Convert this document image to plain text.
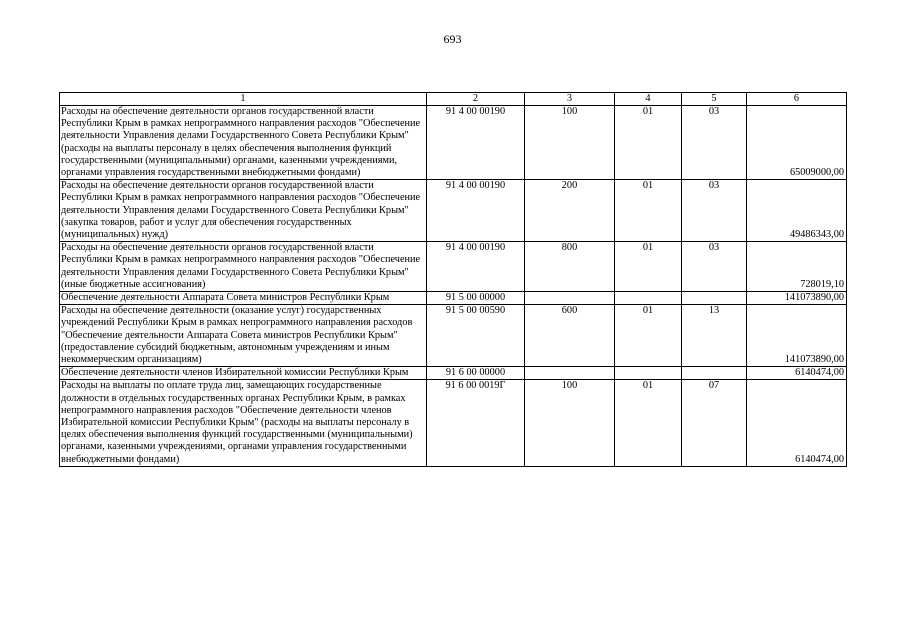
693
1	2	3	4	5	6
Расходы на обеспечение деятельности органов государственной власти Республики Крым в рамках непрограммного направления расходов "Обеспечение деятельности Управления делами Государственного Совета Республики Крым" (расходы на выплаты персоналу в целях обеспечения выполнения функций государственными (муниципальными) органами, казенными учреждениями, органами управления государственными внебюджетными фондами)	91 4 00 00190	100	01	03	65009000,00
Расходы на обеспечение деятельности органов государственной власти Республики Крым в рамках непрограммного направления расходов "Обеспечение деятельности Управления делами Государственного Совета Республики Крым" (закупка товаров, работ и услуг для обеспечения государственных (муниципальных) нужд)	91 4 00 00190	200	01	03	49486343,00
Расходы на обеспечение деятельности органов государственной власти Республики Крым в рамках непрограммного направления расходов "Обеспечение деятельности Управления делами Государственного Совета Республики Крым" (иные бюджетные ассигнования)	91 4 00 00190	800	01	03	728019,10
Обеспечение деятельности Аппарата Совета министров Республики Крым	91 5 00 00000				141073890,00
Расходы на обеспечение деятельности (оказание услуг) государственных учреждений Республики Крым в рамках непрограммного направления расходов "Обеспечение деятельности Аппарата Совета министров Республики Крым" (предоставление субсидий бюджетным, автономным учреждениям и иным некоммерческим организациям)	91 5 00 00590	600	01	13	141073890,00
Обеспечение деятельности членов Избирательной комиссии Республики Крым	91 6 00 00000				6140474,00
Расходы на выплаты по оплате труда лиц, замещающих государственные должности в отдельных государственных органах Республики Крым, в рамках непрограммного направления расходов "Обеспечение деятельности членов Избирательной комиссии Республики Крым" (расходы на выплаты персоналу в целях обеспечения выполнения функций государственными (муниципальными) органами, казенными учреждениями, органами управления государственными внебюджетными фондами)	91 6 00 0019Г	100	01	07	6140474,00
